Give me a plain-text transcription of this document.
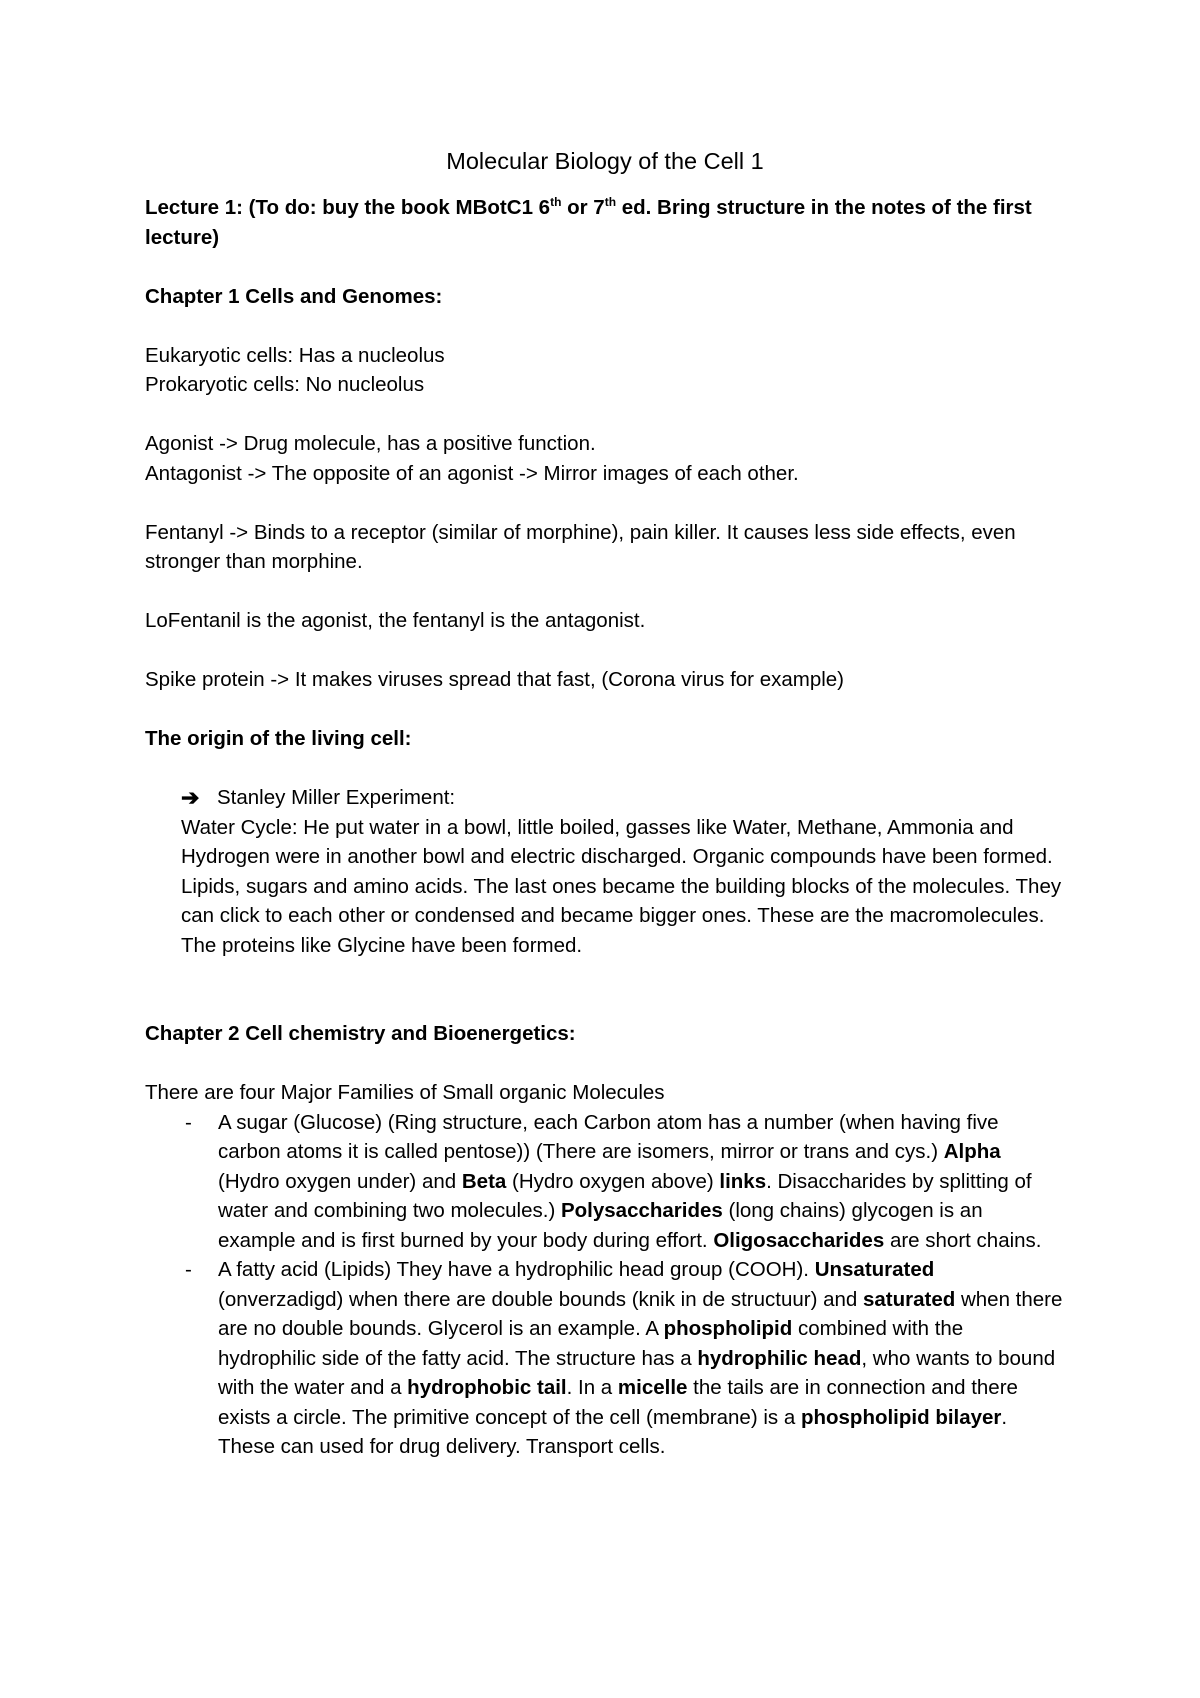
Molecular Biology of the Cell 1

Lecture 1: (To do: buy the book MBotC1 6th or 7th ed. Bring structure in the notes of the first lecture)

Chapter 1 Cells and Genomes:

Eukaryotic cells: Has a nucleolus

Prokaryotic cells: No nucleolus

Agonist -> Drug molecule, has a positive function.

Antagonist -> The opposite of an agonist -> Mirror images of each other.

Fentanyl -> Binds to a receptor (similar of morphine), pain killer. It causes less side effects, even stronger than morphine.

LoFentanil is the agonist, the fentanyl is the antagonist.

Spike protein -> It makes viruses spread that fast, (Corona virus for example)

The origin of the living cell:

➔ Stanley Miller Experiment:

Water Cycle: He put water in a bowl, little boiled, gasses like Water, Methane, Ammonia and Hydrogen were in another bowl and electric discharged. Organic compounds have been formed. Lipids, sugars and amino acids. The last ones became the building blocks of the molecules. They can click to each other or condensed and became bigger ones. These are the macromolecules. The proteins like Glycine have been formed.

Chapter 2 Cell chemistry and Bioenergetics:

There are four Major Families of Small organic Molecules

- A sugar (Glucose) (Ring structure, each Carbon atom has a number (when having five carbon atoms it is called pentose)) (There are isomers, mirror or trans and cys.) Alpha (Hydro oxygen under) and Beta (Hydro oxygen above) links. Disaccharides by splitting of water and combining two molecules.) Polysaccharides (long chains) glycogen is an example and is first burned by your body during effort. Oligosaccharides are short chains.
- A fatty acid (Lipids) They have a hydrophilic head group (COOH). Unsaturated (onverzadigd) when there are double bounds (knik in de structuur) and saturated when there are no double bounds. Glycerol is an example. A phospholipid combined with the hydrophilic side of the fatty acid. The structure has a hydrophilic head, who wants to bound with the water and a hydrophobic tail. In a micelle the tails are in connection and there exists a circle. The primitive concept of the cell (membrane) is a phospholipid bilayer. These can used for drug delivery. Transport cells.
